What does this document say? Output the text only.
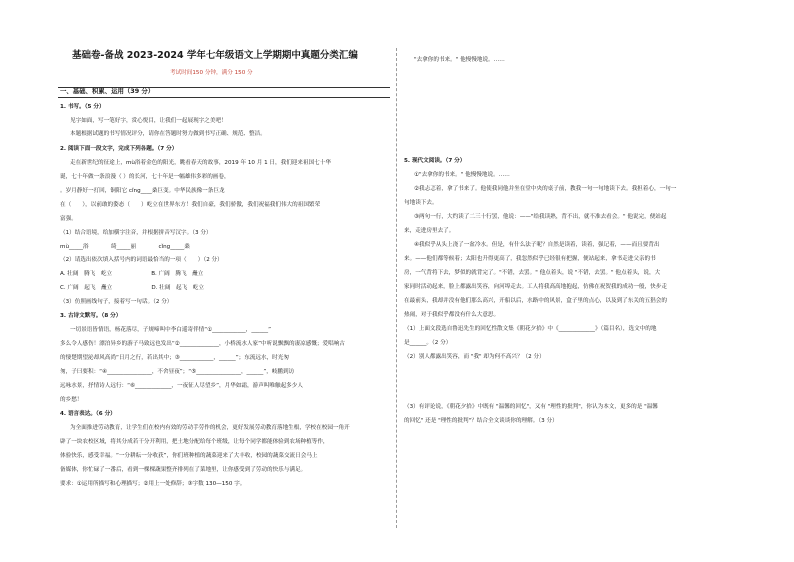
基础卷-备战 2023-2024 学年七年级语文上学期期中真题分类汇编
考试时间150 分钟，满分 150 分
一、基础、积累、运用（39 分）
1. 书写。（5 分）
见字如面，写一笔好字，赏心悦目，让我们一起展现字之美吧！
本题根据试题的书写情况评分，请你在答题时努力做到书写正确、规范、整洁。
2. 阅读下面一段文字，完成下列各题。（7 分）
走在新世纪的征途上，mù浴着金色的阳光，眺看春天的故事，2019 年 10 月 1 日，我们迎来祖国七十华
诞，七十年做一条浪漫（ ）的长河，七十年是一幅雄伟多彩的画卷，
。岁月静好一打回，铜阳它 cǐng____桑巨变。中华民族像一条巨龙
在（　　），以前敢的姿态（　　）屹立在世界东方！我们自豪，我们骄傲，我们祝福我们伟大的祖国繁荣
富强。
（1）结合语境，给加横字注音，并根据拼音写汉字。（3 分）
mù_____浴　　　　绮_____丽　　　　cǐng_____桑
（2）请选出依次填入括号内的词语最恰当的一项（　　）（2 分）
A. 壮阔　腾飞　屹立　　　　　　　B. 广阔　腾飞　矗立
C. 广阔　起飞　矗立　　　　　　　D. 壮阔　起飞　屹立
（3）仿照画线句子，接着写一句话。（2 分）
3. 古诗文默写。（8 分）
一切景语皆情语，杨花落尽，子规啼叫中李白遥寄伴情“①____________，______”
多么令人感伤！漂泊异乡的游子马致远也发出“②______________，小桥流水人家”中听说飘飘的凄凉感慨；爱唱响古
的悽楚期望泌却风高尚“日月之行，若出其中；③____________，______”；东流远水，时光匆
匆，子曰要积：“④________________，不舍昼夜”；“⑤________________，______”，岐鹏到访
远咏水景，抒情诗人远行：“⑥_____________，一夜征人尽望乡”，月华如霜，游声叫唯触起多少人
的乡愁！
4. 语言表达。（6 分）
为全面推进劳动教育，让学生们在校内有效的劳动手劳作的机会，更好发展劳动教育落地生根，学校在校园一角开
辟了一块农校区域，将其分成若干分开利用，把土地分配给每个班级，让每个同学都能体验到农场种植等作，
体验快乐，感受幸福。“一分耕耘一分收获”，你们班种植的蔬菜迎来了大丰收，校园的蔬菜交流日会马上
备媒体，你忙碌了一番后，看到一棵棵蔬果整齐排列在了菜地里，让你感受到了劳动的快乐与满足。
要求：①运用所描写和心理描写；②用上一处修辞；③字数 130—150 字。
"去拿你的书来。" 他慢慢地说。……
5. 现代文阅读。（7 分）
①"去拿你的书来。" 他慢慢地说。……
②我忐忑着，拿了书来了。他使我同他并坐在堂中央的桌子前，教我一句一句地读下去。我担着心，一句一
句地读下去。
③两句一行，大约读了二三十行罢，他说：——"给我读熟，背不出，就不准去看会。" 他说完，便站起
来，走进房里去了。
④我似乎从头上浇了一盆冷水。但是，有什么法子呢？自然是读着，读着，强记着，——而且要背出
来。——他们都等候着；太阳也升得更高了，我忽然似乎已经很有把握，便站起来，拿书走进父亲的书
房，一气背将下去，梦似的就背完了。"不错，去罢。" 他点着头，说 "不错，去罢。" 他点着头，说，大
家同时活动起来，脸上都露出笑容，向河埠走去。工人将我高高地抱起，仿佛在祝贺我的成功一般，快步走
在最前头，我却并没有他们那么高兴，开船以后，水路中的风景，盒子里的点心，以及到了东关的五猖会的
热闹，对于我似乎都没有什么大意思。
（1）上面文段选自鲁迅先生的回忆性散文集《朝花夕拾》中《_____________》（篇目名），选文中的地
是______。（2 分）
（2）别人都露出笑容，而 "我" 却为何不高兴？（2 分）
（3）有评论说，《朝花夕拾》中既有 "温馨的回忆"，又有 "理性的批判"，你认为本文，更多的是 "温馨
的回忆" 还是 "理性的批判"？结合全文谈谈你的理解。（3 分）
